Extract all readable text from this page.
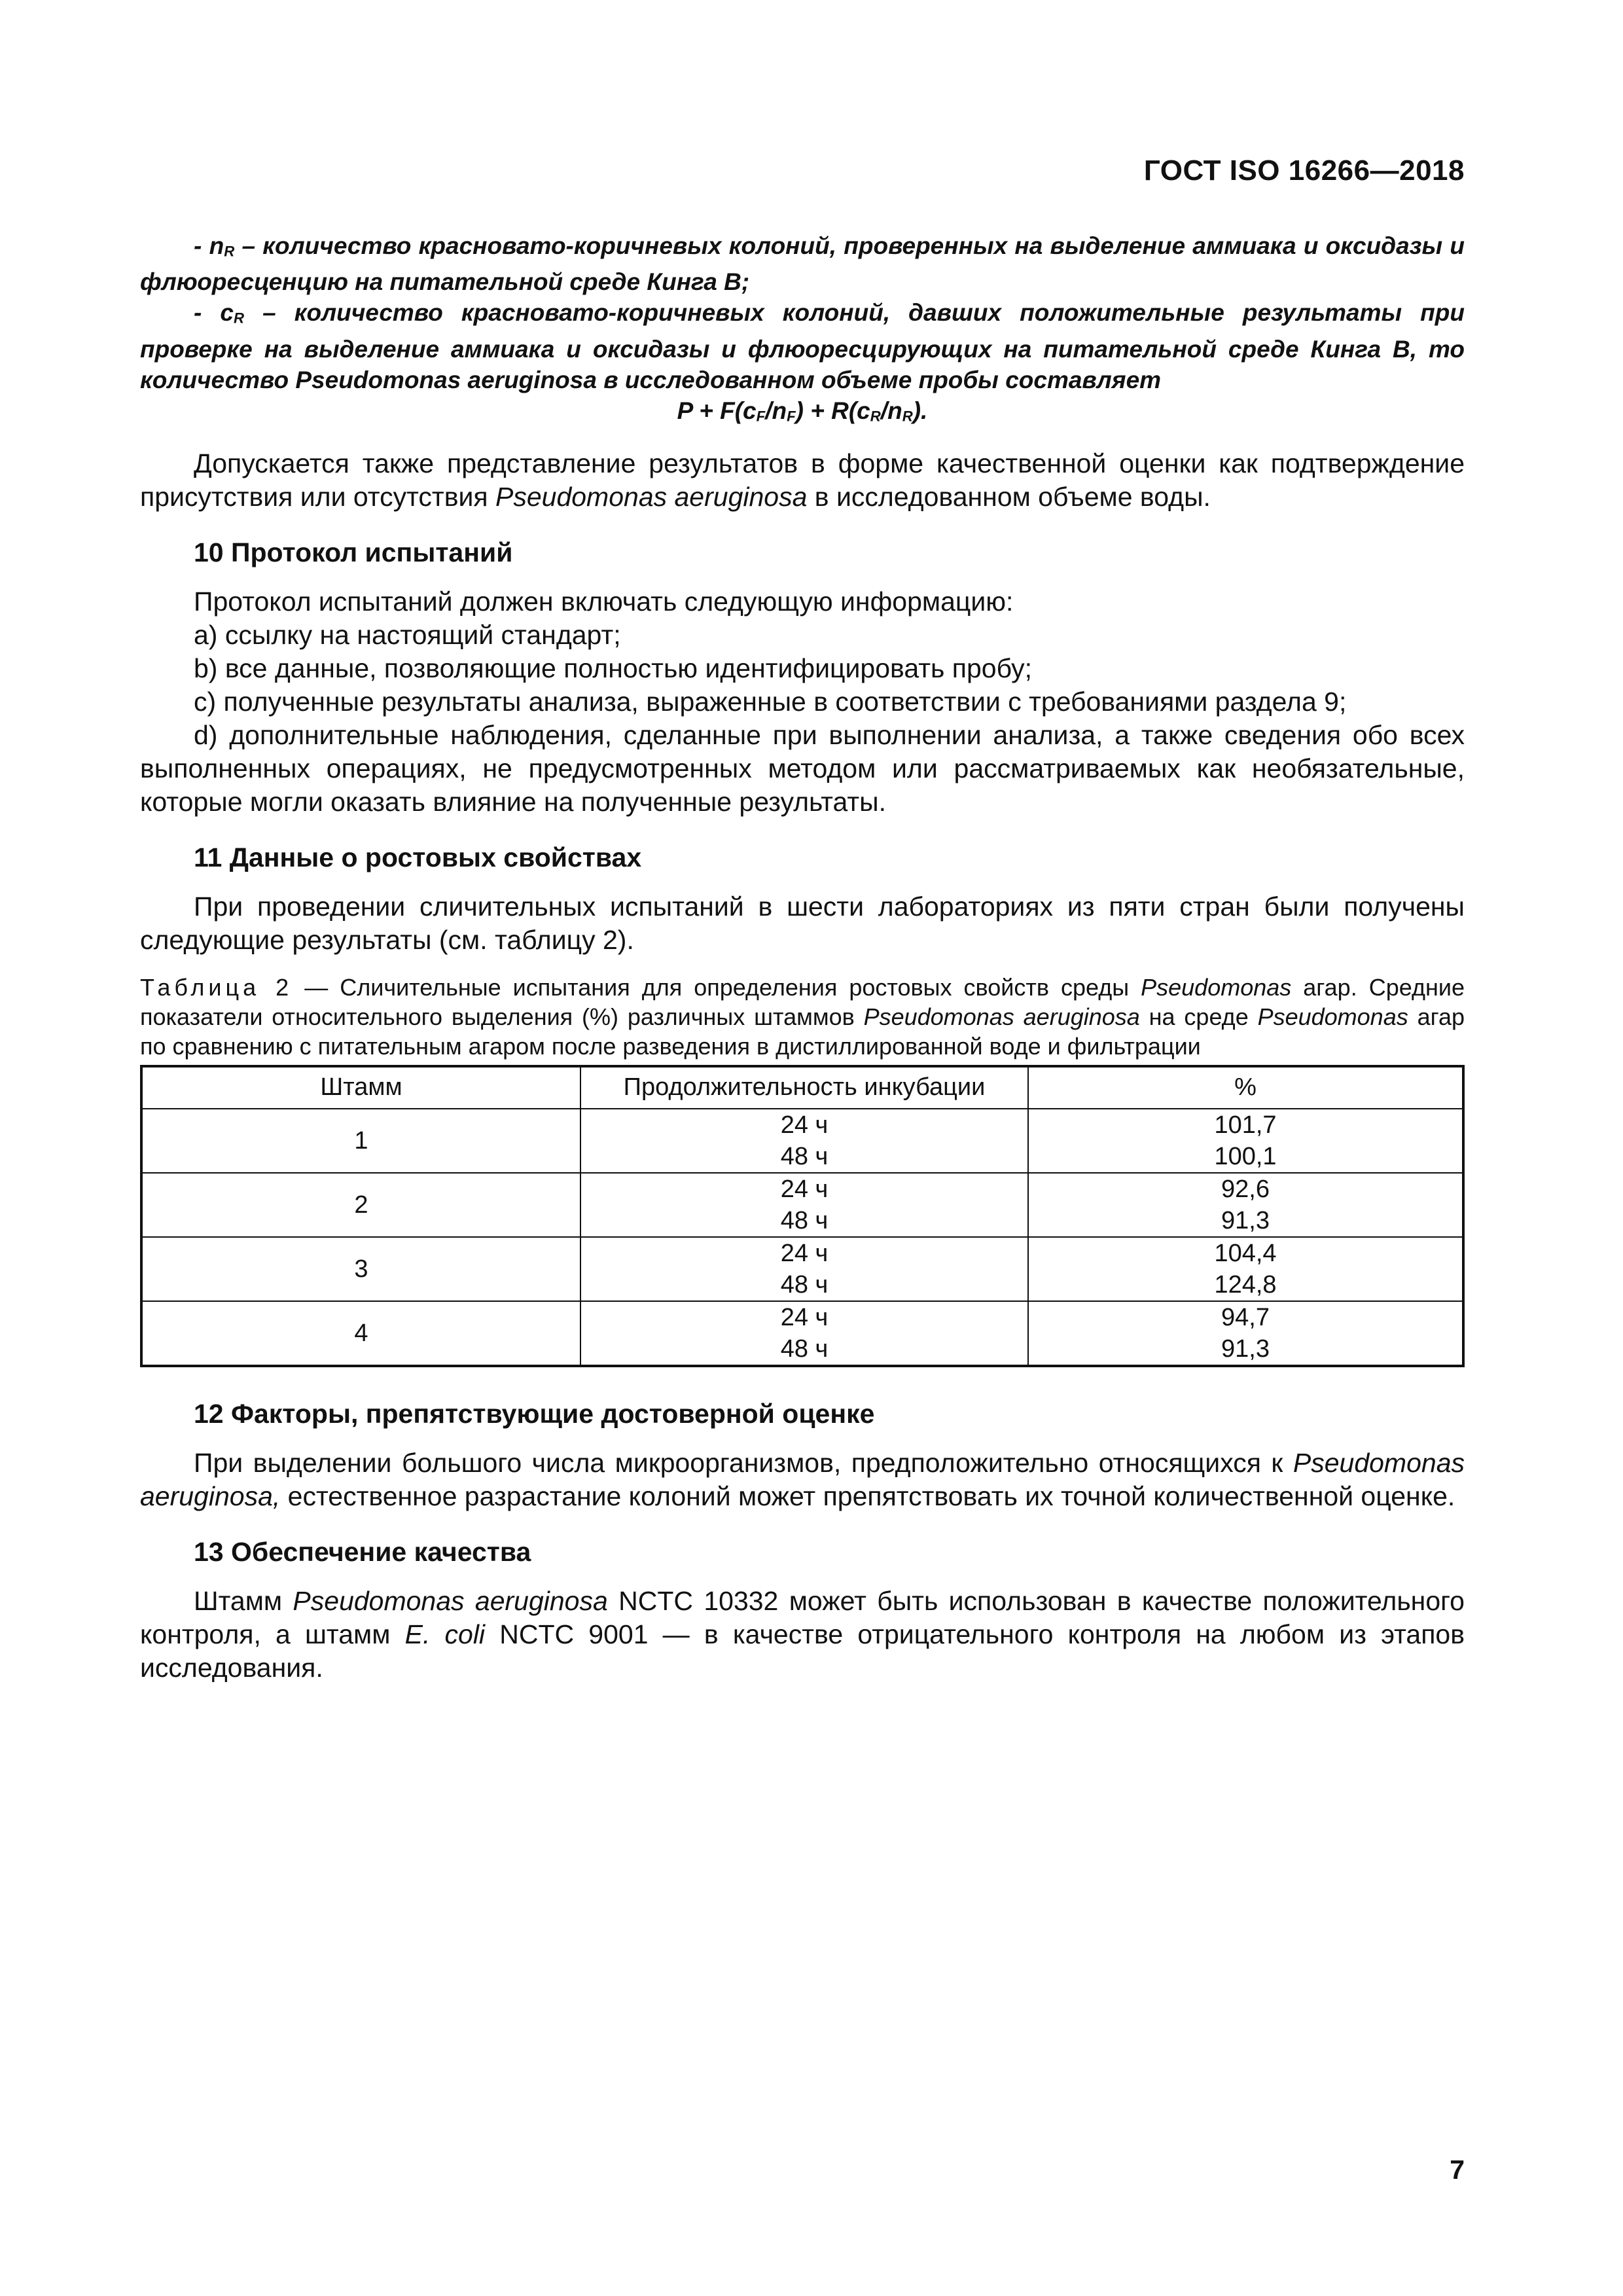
ГОСТ ISO 16266—2018

- $n_R$ – количество красновато-коричневых колоний, проверенных на выделение аммиака и оксидазы и флюоресценцию на питательной среде Кинга В;

- $c_R$ – количество красновато-коричневых колоний, давших положительные результаты при проверке на выделение аммиака и оксидазы и флюоресцирующих на питательной среде Кинга В, то количество Pseudomonas aeruginosa в исследованном объеме пробы составляет

$P + F(c_F/n_F) + R(c_R/n_R)$.

Допускается также представление результатов в форме качественной оценки как подтверждение присутствия или отсутствия Pseudomonas aeruginosa в исследованном объеме воды.

10 Протокол испытаний

Протокол испытаний должен включать следующую информацию:

a) ссылку на настоящий стандарт;

b) все данные, позволяющие полностью идентифицировать пробу;

c) полученные результаты анализа, выраженные в соответствии с требованиями раздела 9;

d) дополнительные наблюдения, сделанные при выполнении анализа, а также сведения обо всех выполненных операциях, не предусмотренных методом или рассматриваемых как необязательные, которые могли оказать влияние на полученные результаты.

11 Данные о ростовых свойствах

При проведении сличительных испытаний в шести лабораториях из пяти стран были получены следующие результаты (см. таблицу 2).

Таблица 2 — Сличительные испытания для определения ростовых свойств среды Pseudomonas агар. Средние показатели относительного выделения (%) различных штаммов Pseudomonas aeruginosa на среде Pseudomonas агар по сравнению с питательным агаром после разведения в дистиллированной воде и фильтрации

Штамм	Продолжительность инкубации	%
1	24 ч	101,7
	48 ч	100,1
2	24 ч	92,6
	48 ч	91,3
3	24 ч	104,4
	48 ч	124,8
4	24 ч	94,7
	48 ч	91,3
12 Факторы, препятствующие достоверной оценке

При выделении большого числа микроорганизмов, предположительно относящихся к Pseudomonas aeruginosa, естественное разрастание колоний может препятствовать их точной количественной оценке.

13 Обеспечение качества

Штамм Pseudomonas aeruginosa NCTC 10332 может быть использован в качестве положительного контроля, а штамм E. coli NCTC 9001 — в качестве отрицательного контроля на любом из этапов исследования.

7
